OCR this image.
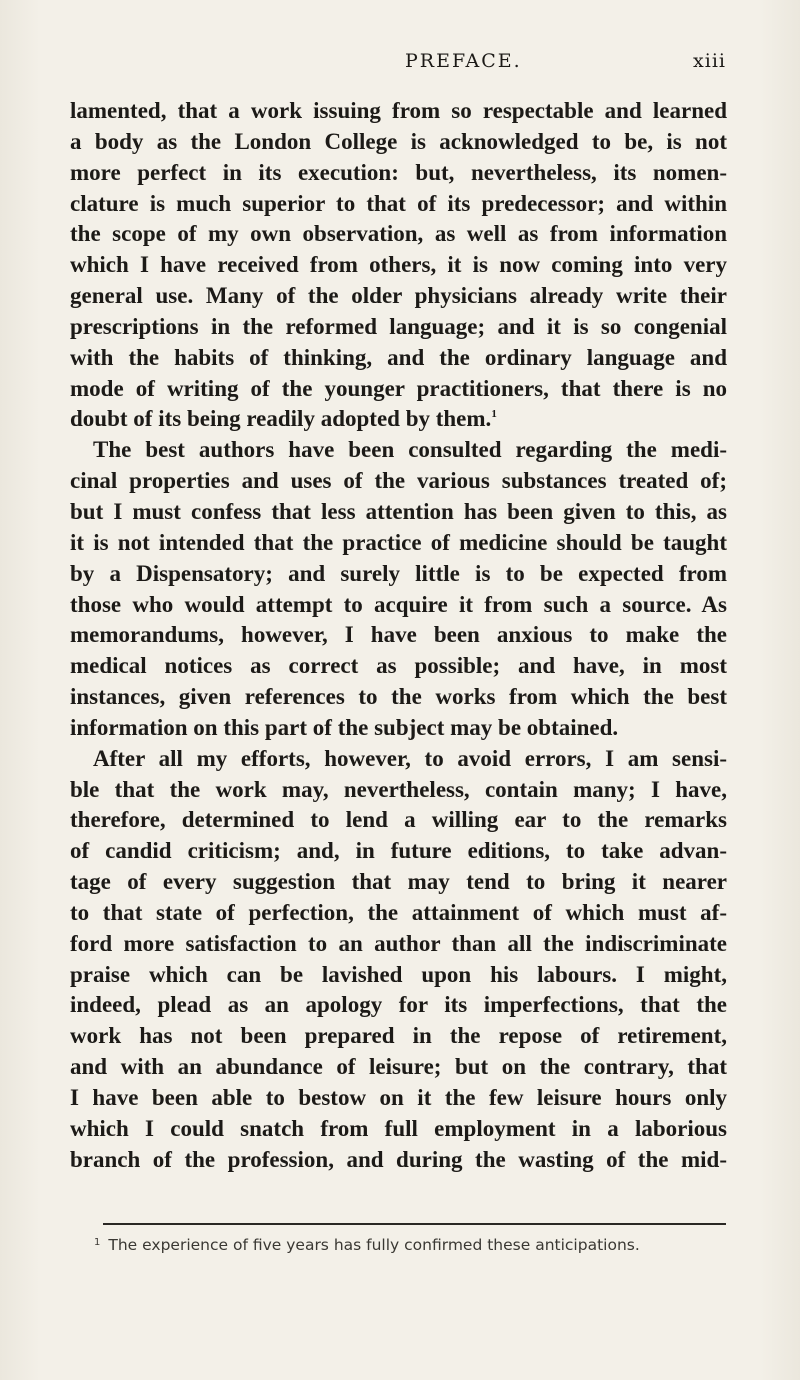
PREFACE.	xiii
lamented, that a work issuing from so respectable and learned
a body as the London College is acknowledged to be, is not
more perfect in its execution: but, nevertheless, its nomen-
clature is much superior to that of its predecessor; and within
the scope of my own observation, as well as from information
which I have received from others, it is now coming into very
general use. Many of the older physicians already write their
prescriptions in the reformed language; and it is so congenial
with the habits of thinking, and the ordinary language and
mode of writing of the younger practitioners, that there is no
doubt of its being readily adopted by them.$^1$
The best authors have been consulted regarding the medi-
cinal properties and uses of the various substances treated of;
but I must confess that less attention has been given to this, as
it is not intended that the practice of medicine should be taught
by a Dispensatory; and surely little is to be expected from
those who would attempt to acquire it from such a source. As
memorandums, however, I have been anxious to make the
medical notices as correct as possible; and have, in most
instances, given references to the works from which the best
information on this part of the subject may be obtained.
After all my efforts, however, to avoid errors, I am sensi-
ble that the work may, nevertheless, contain many; I have,
therefore, determined to lend a willing ear to the remarks
of candid criticism; and, in future editions, to take advan-
tage of every suggestion that may tend to bring it nearer
to that state of perfection, the attainment of which must af-
ford more satisfaction to an author than all the indiscriminate
praise which can be lavished upon his labours. I might,
indeed, plead as an apology for its imperfections, that the
work has not been prepared in the repose of retirement,
and with an abundance of leisure; but on the contrary, that
I have been able to bestow on it the few leisure hours only
which I could snatch from full employment in a laborious
branch of the profession, and during the wasting of the mid-
$^1$ The experience of five years has fully confirmed these anticipations.
